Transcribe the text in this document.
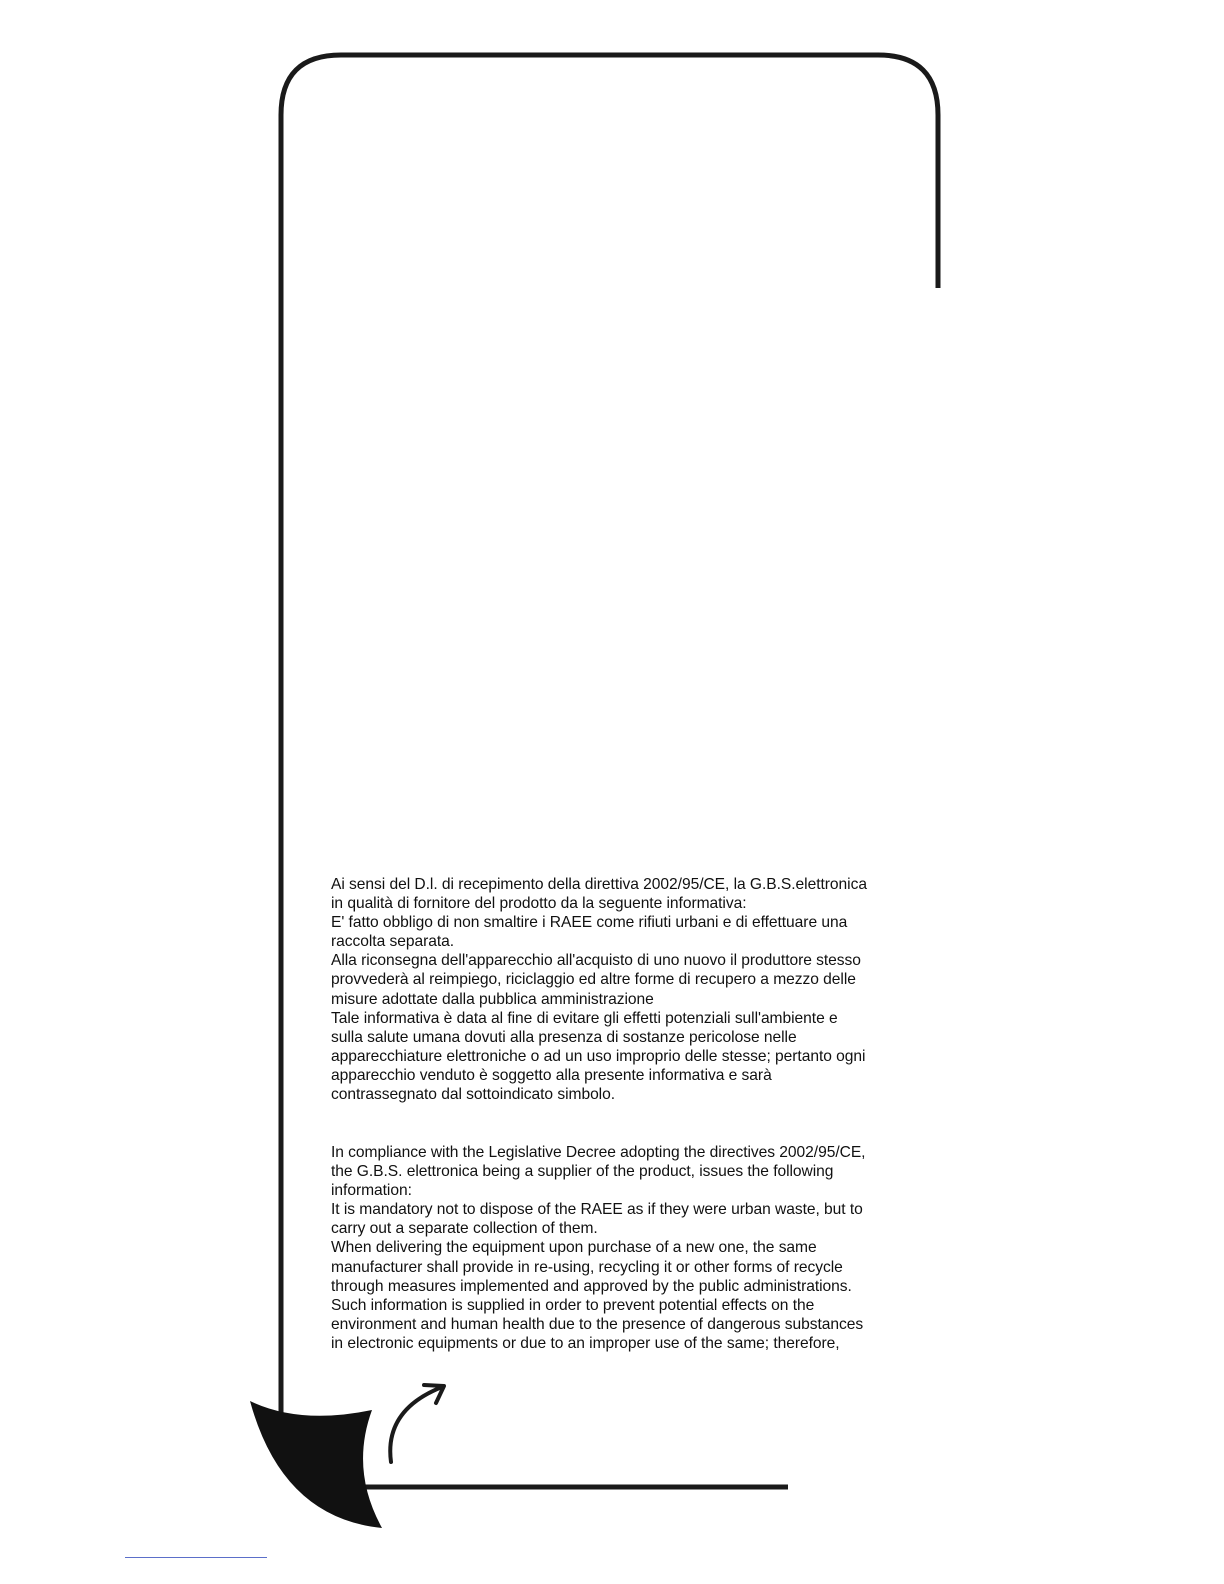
Ai sensi del D.l. di recepimento della direttiva 2002/95/CE, la G.B.S.elettronica
in qualità di fornitore del prodotto da la seguente informativa:
E' fatto obbligo di non smaltire i RAEE come rifiuti urbani e di effettuare una
raccolta separata.
Alla riconsegna dell'apparecchio all'acquisto di uno nuovo il produttore stesso
provvederà al reimpiego, riciclaggio ed altre forme di recupero a mezzo delle
misure adottate dalla pubblica amministrazione
Tale informativa è data al fine di evitare gli effetti potenziali sull'ambiente e
sulla salute umana dovuti alla presenza di sostanze pericolose nelle
apparecchiature elettroniche o ad un uso improprio delle stesse; pertanto ogni
apparecchio venduto è soggetto alla presente informativa e sarà
contrassegnato dal sottoindicato simbolo.
In compliance with the Legislative Decree adopting the directives 2002/95/CE,
the G.B.S. elettronica being a supplier of the product, issues the following
information:
It is mandatory not to dispose of the RAEE as if they were urban waste, but to
carry out a separate collection of them.
When delivering the equipment upon purchase of a new one, the same
manufacturer shall provide in re-using, recycling it or other forms of recycle
through measures implemented and approved by the public administrations.
Such information is supplied in order to prevent potential effects on the
environment and human health due to the presence of dangerous substances
in electronic equipments or due to an improper use of the same; therefore,
